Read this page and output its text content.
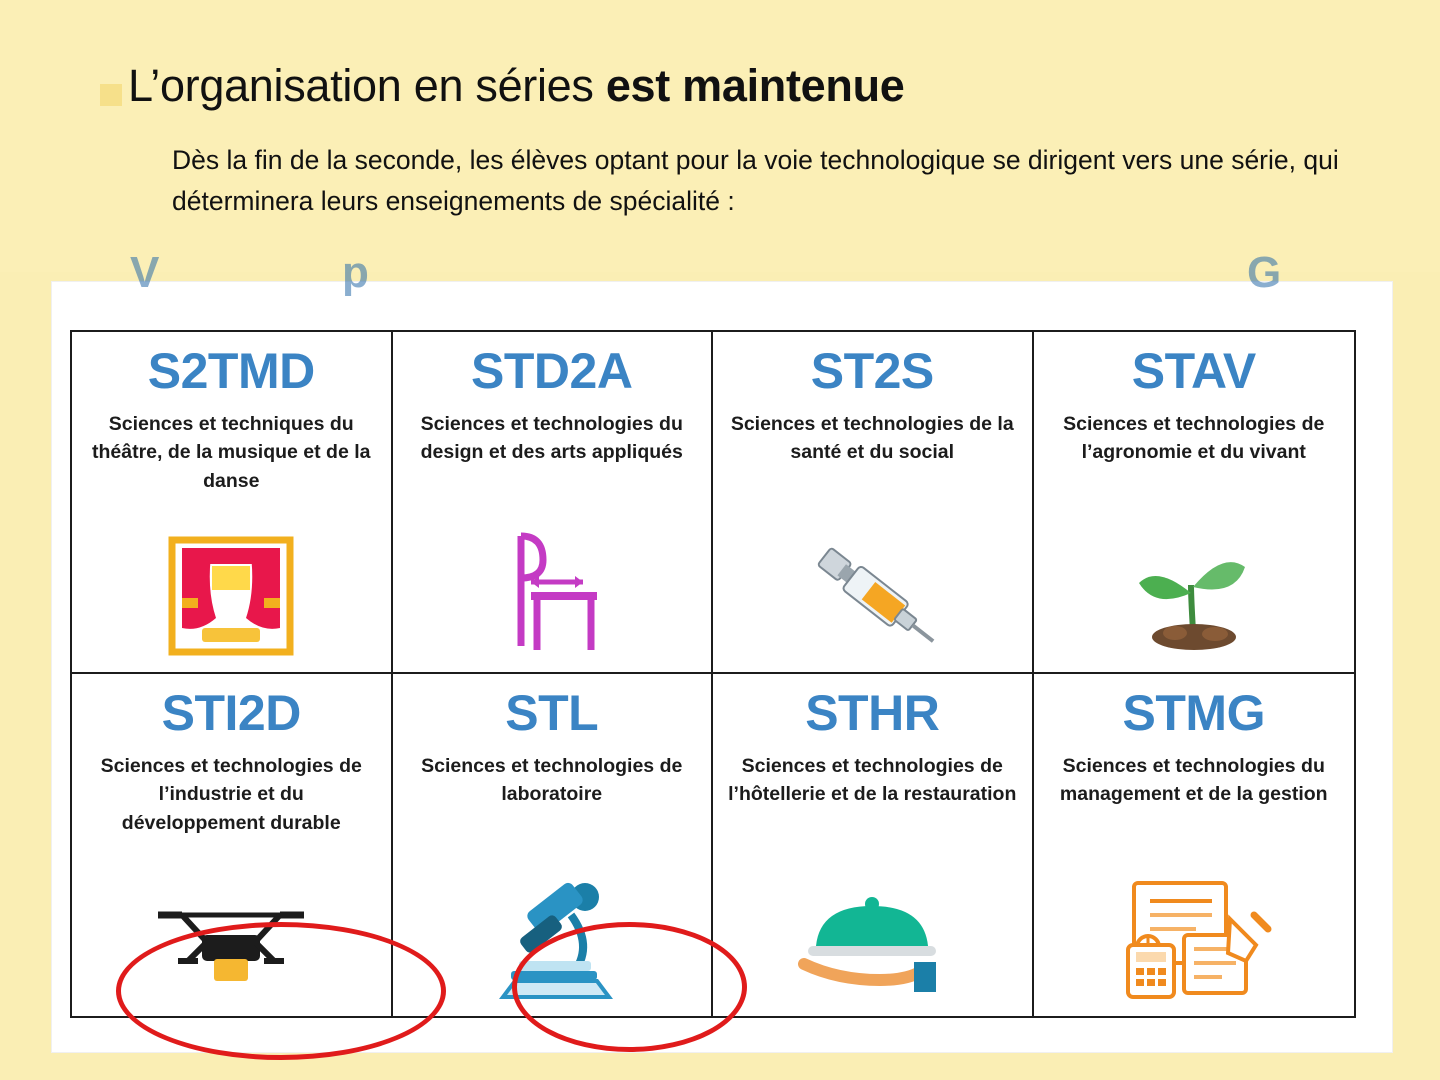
L’organisation en séries est maintenue
Dès la fin de la seconde, les élèves optant pour la voie technologique se dirigent vers une série, qui déterminera leurs enseignements de spécialité :
V	p	G
S2TMD
Sciences et techniques du théâtre, de la musique et de la danse
STD2A
Sciences et technologies du design et des arts appliqués
ST2S
Sciences et technologies de la santé et du social
STAV
Sciences et technologies de l’agronomie et du vivant
STI2D
Sciences et technologies de l’industrie et du développement durable
STL
Sciences et technologies de laboratoire
STHR
Sciences et technologies de l’hôtellerie et de la restauration
STMG
Sciences et technologies du management et de la gestion
